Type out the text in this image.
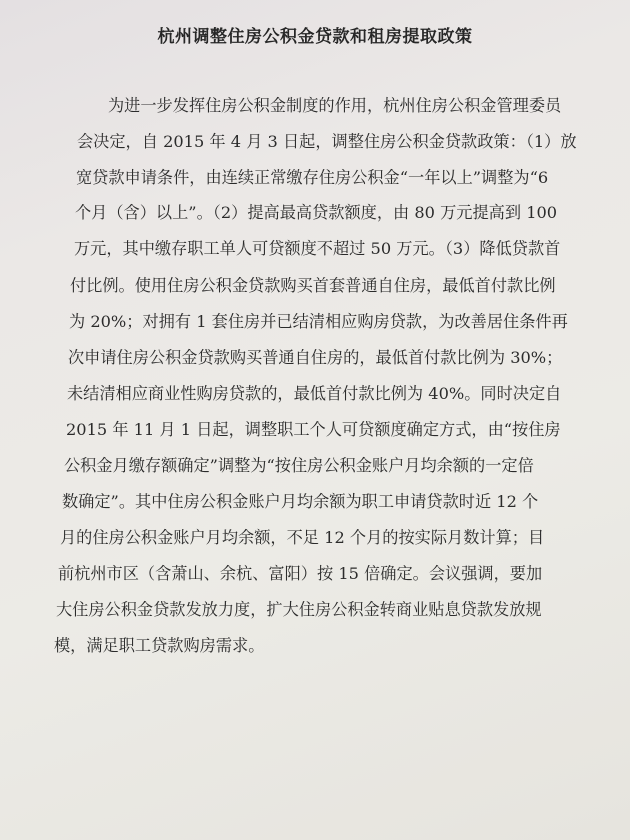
杭州调整住房公积金贷款和租房提取政策
为进一步发挥住房公积金制度的作用，杭州住房公积金管理委员
会决定，自 2015 年 4 月 3 日起，调整住房公积金贷款政策：（1）放
宽贷款申请条件，由连续正常缴存住房公积金“一年以上”调整为“6
个月（含）以上”。（2）提高最高贷款额度，由 80 万元提高到 100
万元，其中缴存职工单人可贷额度不超过 50 万元。（3）降低贷款首
付比例。使用住房公积金贷款购买首套普通自住房，最低首付款比例
为 20%；对拥有 1 套住房并已结清相应购房贷款，为改善居住条件再
次申请住房公积金贷款购买普通自住房的，最低首付款比例为 30%；
未结清相应商业性购房贷款的，最低首付款比例为 40%。同时决定自
2015 年 11 月 1 日起，调整职工个人可贷额度确定方式，由“按住房
公积金月缴存额确定”调整为“按住房公积金账户月均余额的一定倍
数确定”。其中住房公积金账户月均余额为职工申请贷款时近 12 个
月的住房公积金账户月均余额，不足 12 个月的按实际月数计算；目
前杭州市区（含萧山、余杭、富阳）按 15 倍确定。会议强调，要加
大住房公积金贷款发放力度，扩大住房公积金转商业贴息贷款发放规
模，满足职工贷款购房需求。
